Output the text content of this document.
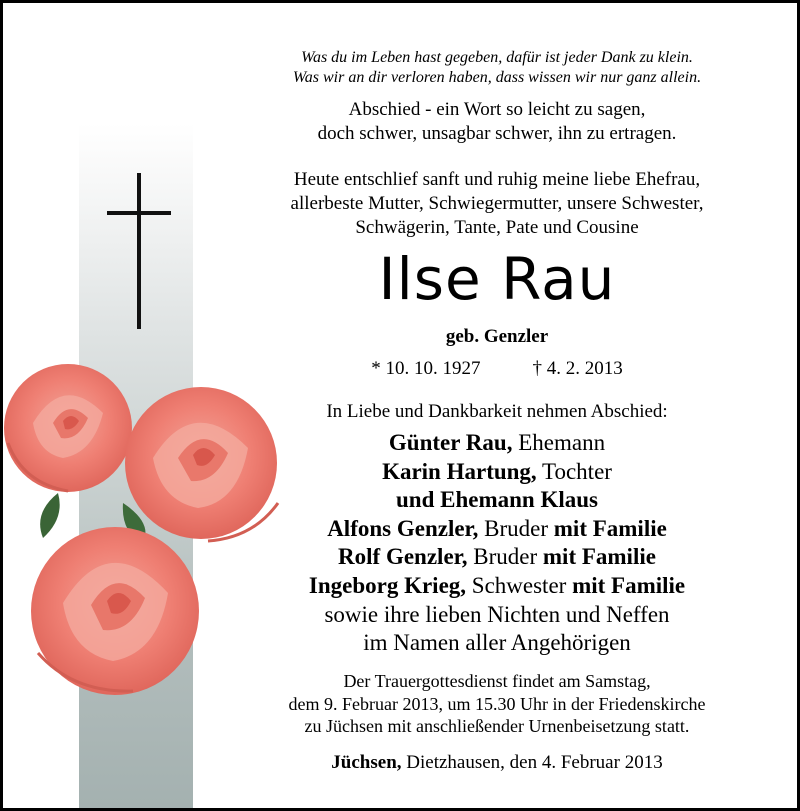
Was du im Leben hast gegeben, dafür ist jeder Dank zu klein.
Was wir an dir verloren haben, dass wissen wir nur ganz allein.
Abschied - ein Wort so leicht zu sagen,
doch schwer, unsagbar schwer, ihn zu ertragen.
Heute entschlief sanft und ruhig meine liebe Ehefrau,
allerbeste Mutter, Schwiegermutter, unsere Schwester,
Schwägerin, Tante, Pate und Cousine
Ilse Rau
geb. Genzler
* 10. 10. 1927	† 4. 2. 2013
In Liebe und Dankbarkeit nehmen Abschied:
Günter Rau, Ehemann
Karin Hartung, Tochter
und Ehemann Klaus
Alfons Genzler, Bruder mit Familie
Rolf Genzler, Bruder mit Familie
Ingeborg Krieg, Schwester mit Familie
sowie ihre lieben Nichten und Neffen
im Namen aller Angehörigen
Der Trauergottesdienst findet am Samstag,
dem 9. Februar 2013, um 15.30 Uhr in der Friedenskirche
zu Jüchsen mit anschließender Urnenbeisetzung statt.
Jüchsen, Dietzhausen, den 4. Februar 2013
